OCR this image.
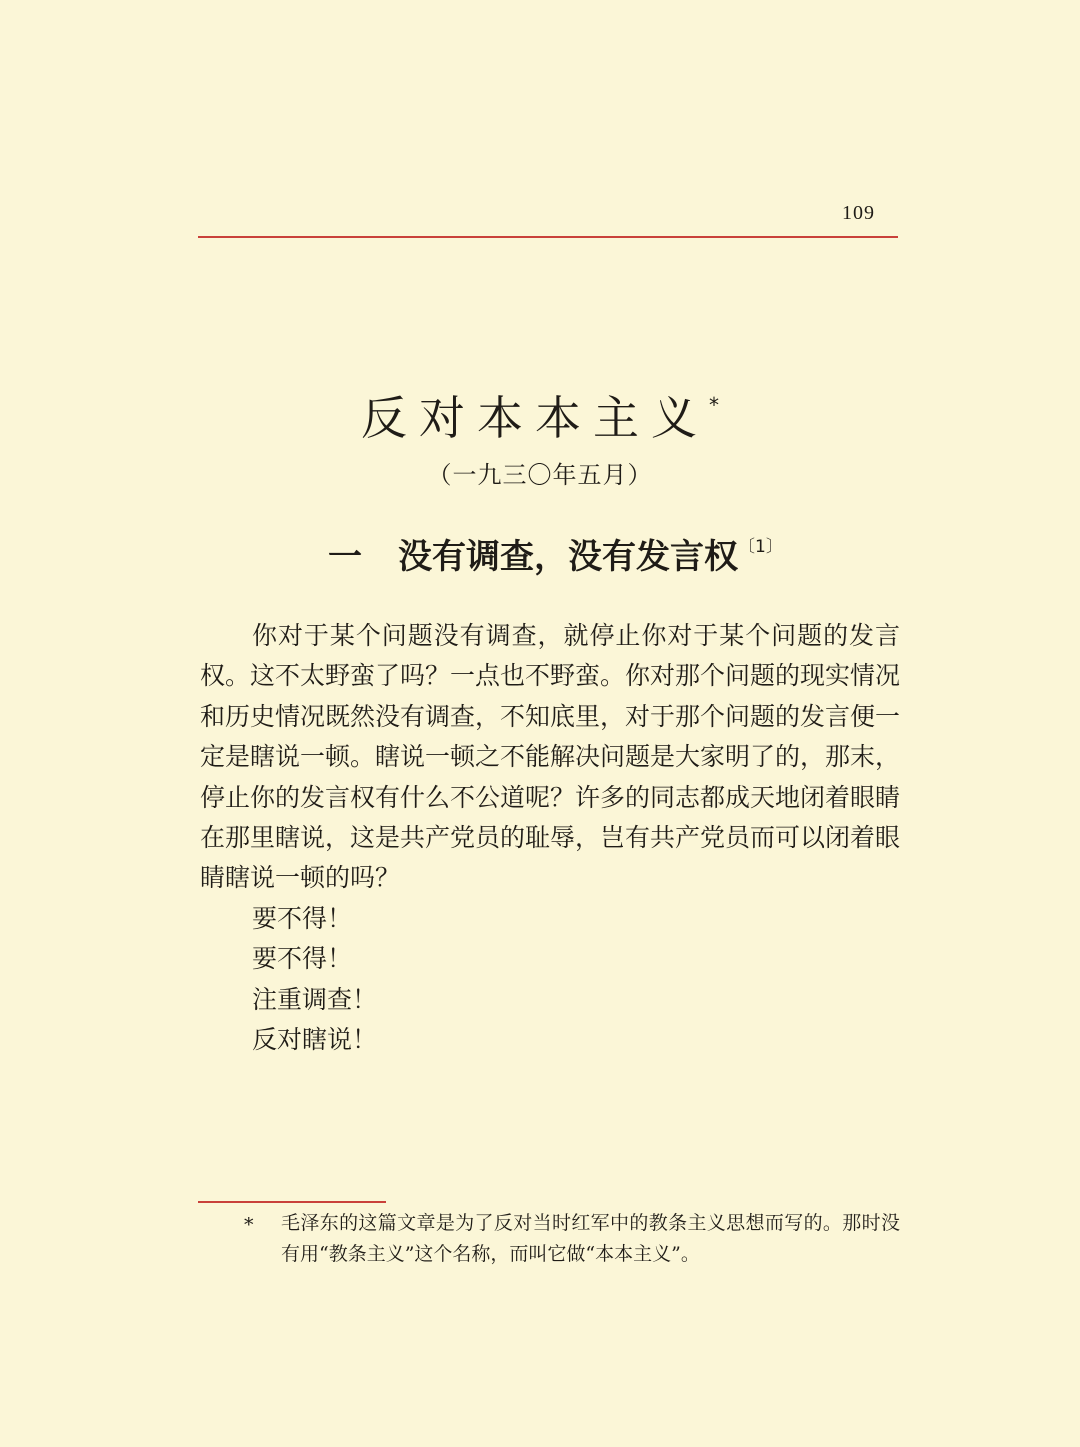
109
反对本本主义*
（一九三〇年五月）
一 没有调查，没有发言权$^{〔1〕}$

你对于某个问题没有调查，就停止你对于某个问题的发言权。这不太野蛮了吗？一点也不野蛮。你对那个问题的现实情况和历史情况既然没有调查，不知底里，对于那个问题的发言便一定是瞎说一顿。瞎说一顿之不能解决问题是大家明了的，那末，停止你的发言权有什么不公道呢？许多的同志都成天地闭着眼睛在那里瞎说，这是共产党员的耻辱，岂有共产党员而可以闭着眼睛瞎说一顿的吗？

要不得！
要不得！
注重调查！
反对瞎说！
* 毛泽东的这篇文章是为了反对当时红军中的教条主义思想而写的。那时没有用“教条主义”这个名称，而叫它做“本本主义”。
